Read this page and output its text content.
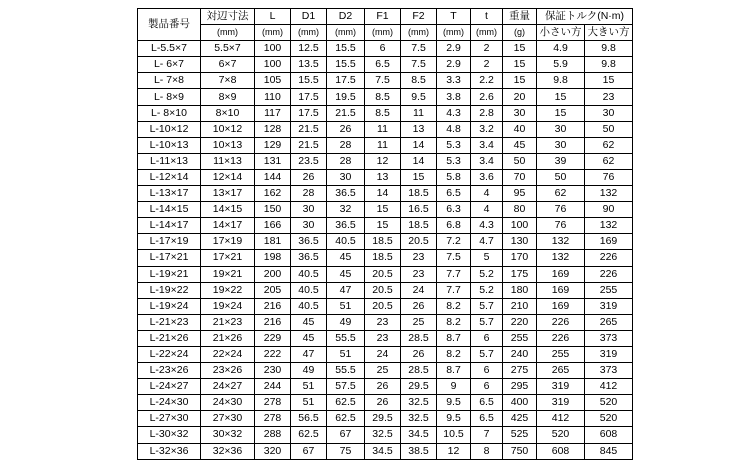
製品番号	対辺寸法	L	D1	D2	F1	F2	T	t	重量	保証トルク(N·m)	
	(mm)	(mm)	(mm)	(mm)	(mm)	(mm)	(mm)	(mm)	(g)	小さい方	大きい方
L-5.5×7	5.5×7	100	12.5	15.5	6	7.5	2.9	2	15	4.9	9.8
L- 6×7	6×7	100	13.5	15.5	6.5	7.5	2.9	2	15	5.9	9.8
L- 7×8	7×8	105	15.5	17.5	7.5	8.5	3.3	2.2	15	9.8	15
L- 8×9	8×9	110	17.5	19.5	8.5	9.5	3.8	2.6	20	15	23
L- 8×10	8×10	117	17.5	21.5	8.5	11	4.3	2.8	30	15	30
L-10×12	10×12	128	21.5	26	11	13	4.8	3.2	40	30	50
L-10×13	10×13	129	21.5	28	11	14	5.3	3.4	45	30	62
L-11×13	11×13	131	23.5	28	12	14	5.3	3.4	50	39	62
L-12×14	12×14	144	26	30	13	15	5.8	3.6	70	50	76
L-13×17	13×17	162	28	36.5	14	18.5	6.5	4	95	62	132
L-14×15	14×15	150	30	32	15	16.5	6.3	4	80	76	90
L-14×17	14×17	166	30	36.5	15	18.5	6.8	4.3	100	76	132
L-17×19	17×19	181	36.5	40.5	18.5	20.5	7.2	4.7	130	132	169
L-17×21	17×21	198	36.5	45	18.5	23	7.5	5	170	132	226
L-19×21	19×21	200	40.5	45	20.5	23	7.7	5.2	175	169	226
L-19×22	19×22	205	40.5	47	20.5	24	7.7	5.2	180	169	255
L-19×24	19×24	216	40.5	51	20.5	26	8.2	5.7	210	169	319
L-21×23	21×23	216	45	49	23	25	8.2	5.7	220	226	265
L-21×26	21×26	229	45	55.5	23	28.5	8.7	6	255	226	373
L-22×24	22×24	222	47	51	24	26	8.2	5.7	240	255	319
L-23×26	23×26	230	49	55.5	25	28.5	8.7	6	275	265	373
L-24×27	24×27	244	51	57.5	26	29.5	9	6	295	319	412
L-24×30	24×30	278	51	62.5	26	32.5	9.5	6.5	400	319	520
L-27×30	27×30	278	56.5	62.5	29.5	32.5	9.5	6.5	425	412	520
L-30×32	30×32	288	62.5	67	32.5	34.5	10.5	7	525	520	608
L-32×36	32×36	320	67	75	34.5	38.5	12	8	750	608	845
